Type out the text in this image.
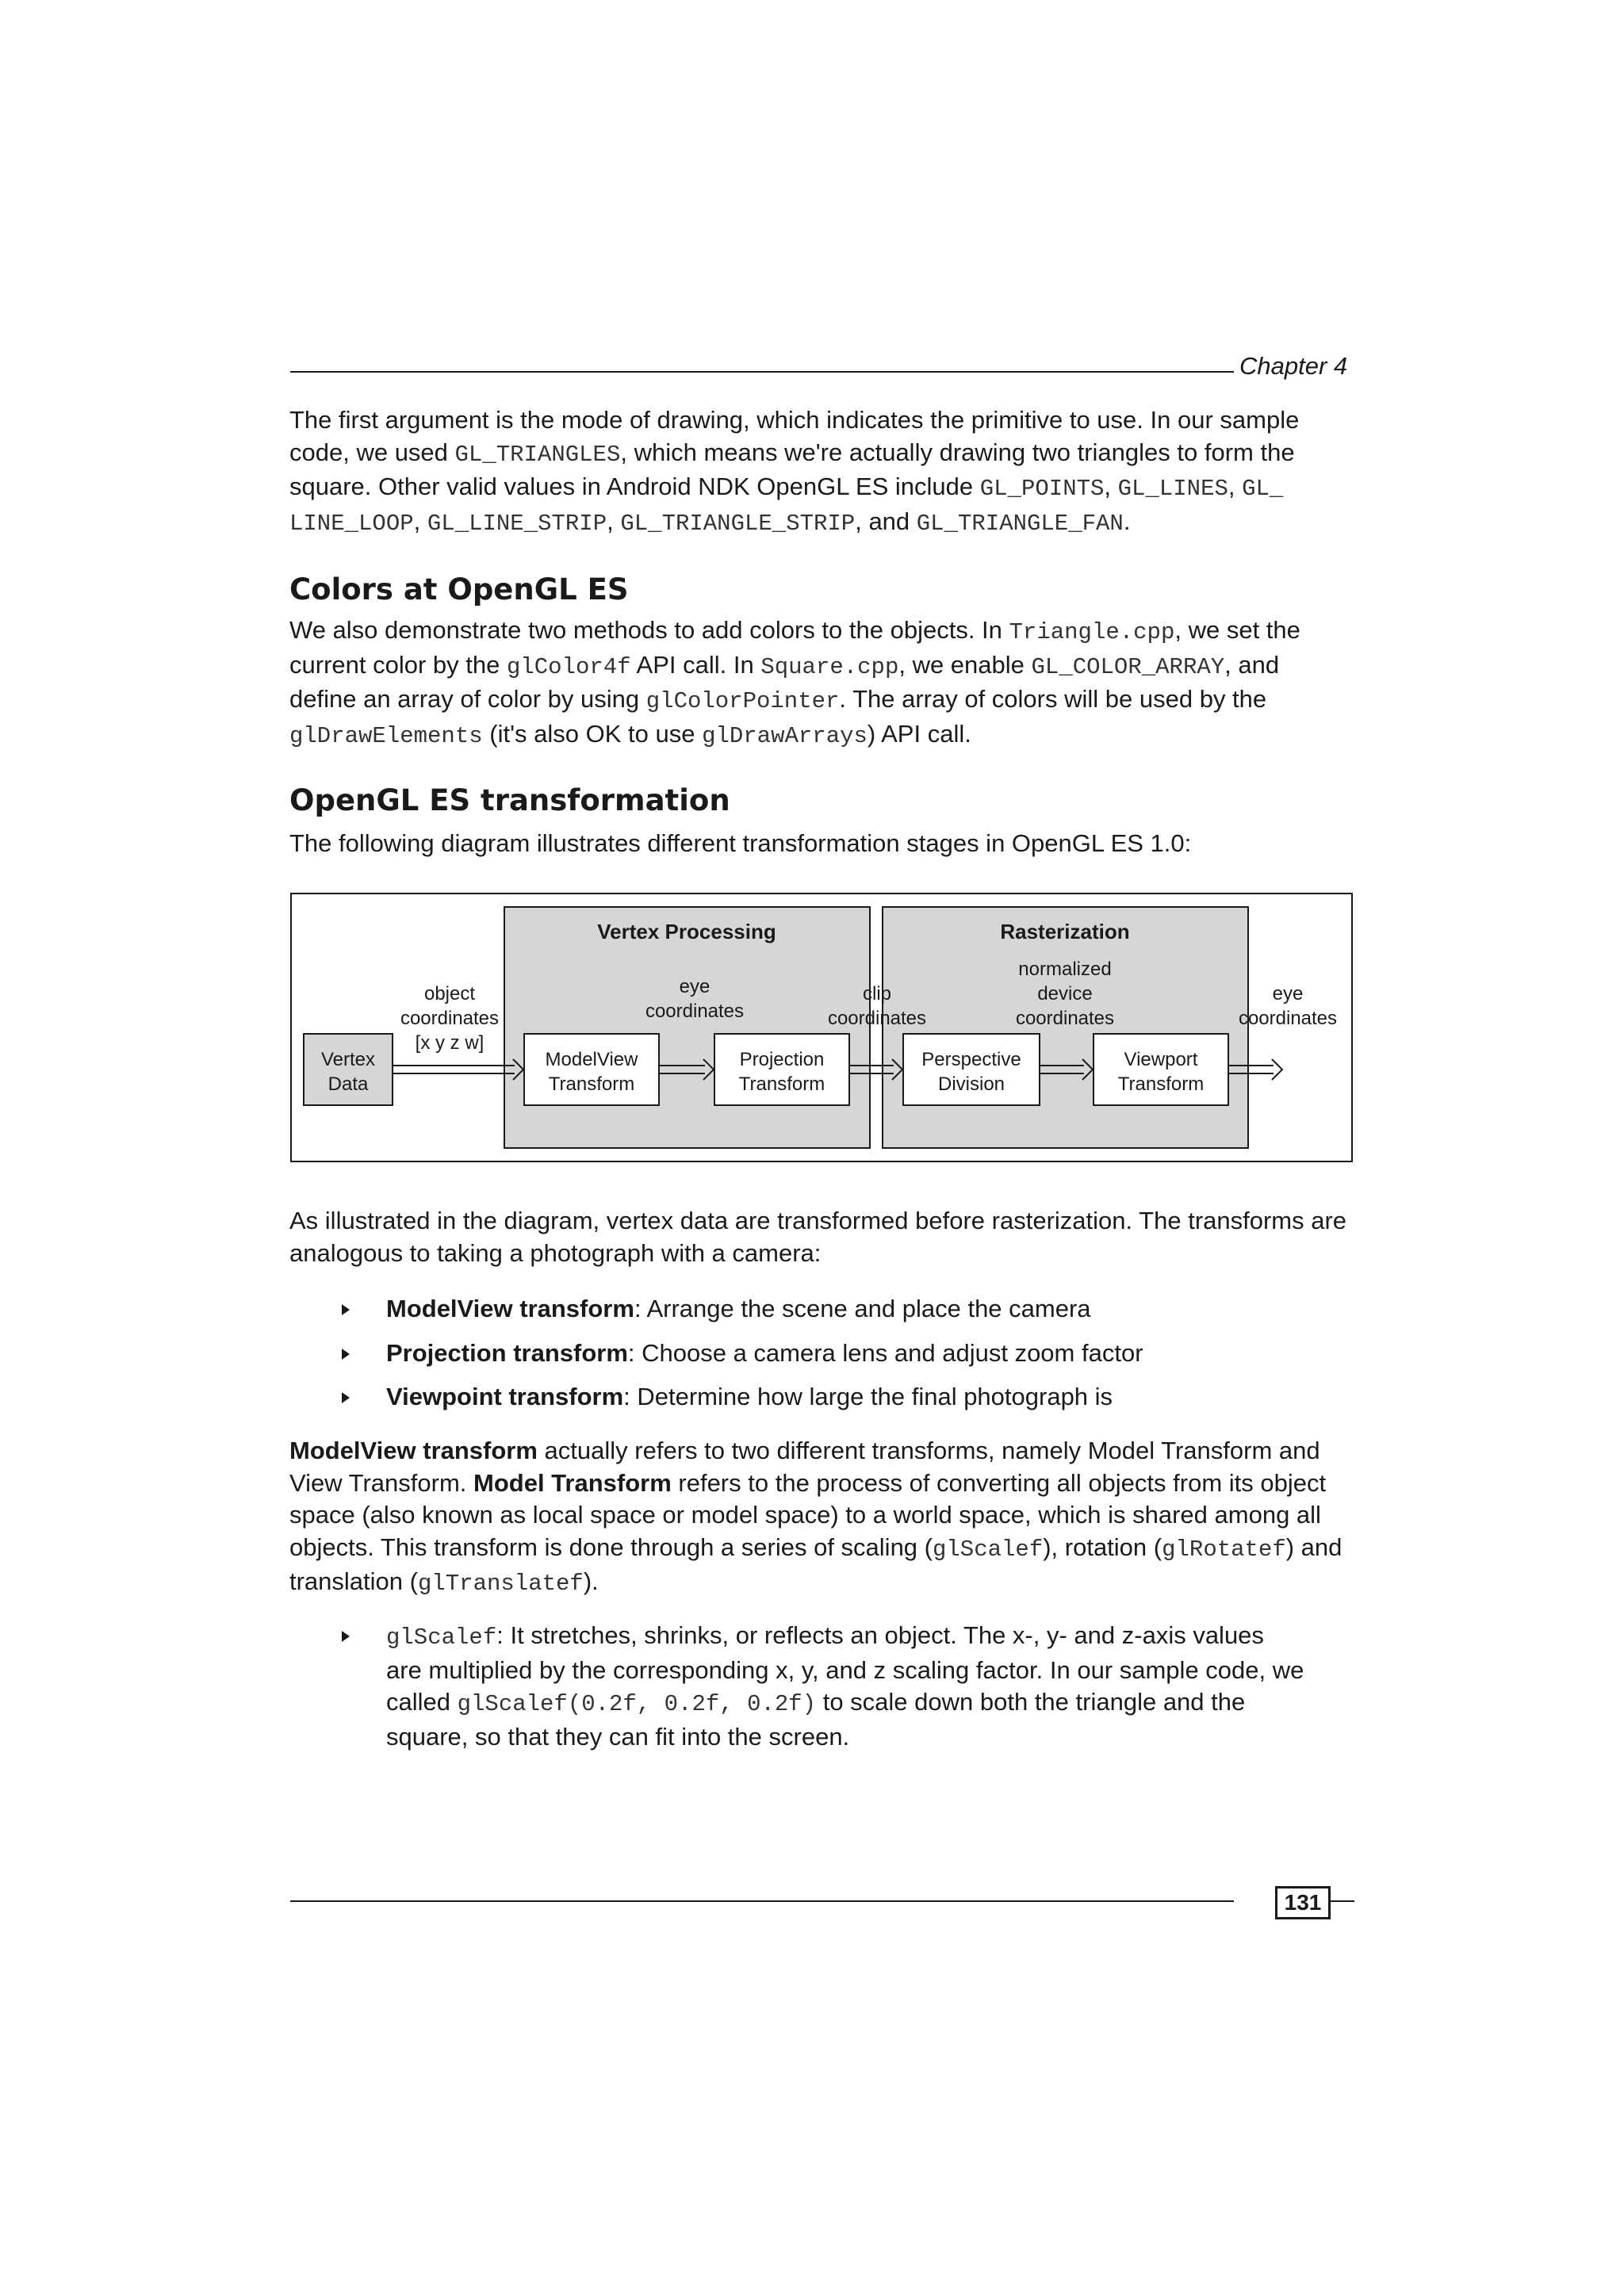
Chapter 4

The first argument is the mode of drawing, which indicates the primitive to use. In our sample code, we used GL_TRIANGLES, which means we're actually drawing two triangles to form the square. Other valid values in Android NDK OpenGL ES include GL_POINTS, GL_LINES, GL_ LINE_LOOP, GL_LINE_STRIP, GL_TRIANGLE_STRIP, and GL_TRIANGLE_FAN.

Colors at OpenGL ES

We also demonstrate two methods to add colors to the objects. In Triangle.cpp, we set the current color by the glColor4f API call. In Square.cpp, we enable GL_COLOR_ARRAY, and define an array of color by using glColorPointer. The array of colors will be used by the glDrawElements (it's also OK to use glDrawArrays) API call.

OpenGL ES transformation

The following diagram illustrates different transformation stages in OpenGL ES 1.0:

Vertex Processing	Rasterization
Vertex
Data
ModelView
Transform
Projection
Transform
Perspective
Division
Viewport
Transform
object
coordinates
[x y z w]
eye
coordinates
clip
coordinates
normalized
device
coordinates
eye
coordinates

As illustrated in the diagram, vertex data are transformed before rasterization. The transforms are analogous to taking a photograph with a camera:

ModelView transform: Arrange the scene and place the camera
Projection transform: Choose a camera lens and adjust zoom factor
Viewpoint transform: Determine how large the final photograph is

ModelView transform actually refers to two different transforms, namely Model Transform and View Transform. Model Transform refers to the process of converting all objects from its object space (also known as local space or model space) to a world space, which is shared among all objects. This transform is done through a series of scaling (glScalef), rotation (glRotatef) and translation (glTranslatef).

glScalef: It stretches, shrinks, or reflects an object. The x-, y- and z-axis values are multiplied by the corresponding x, y, and z scaling factor. In our sample code, we called glScalef(0.2f, 0.2f, 0.2f) to scale down both the triangle and the square, so that they can fit into the screen.
131
